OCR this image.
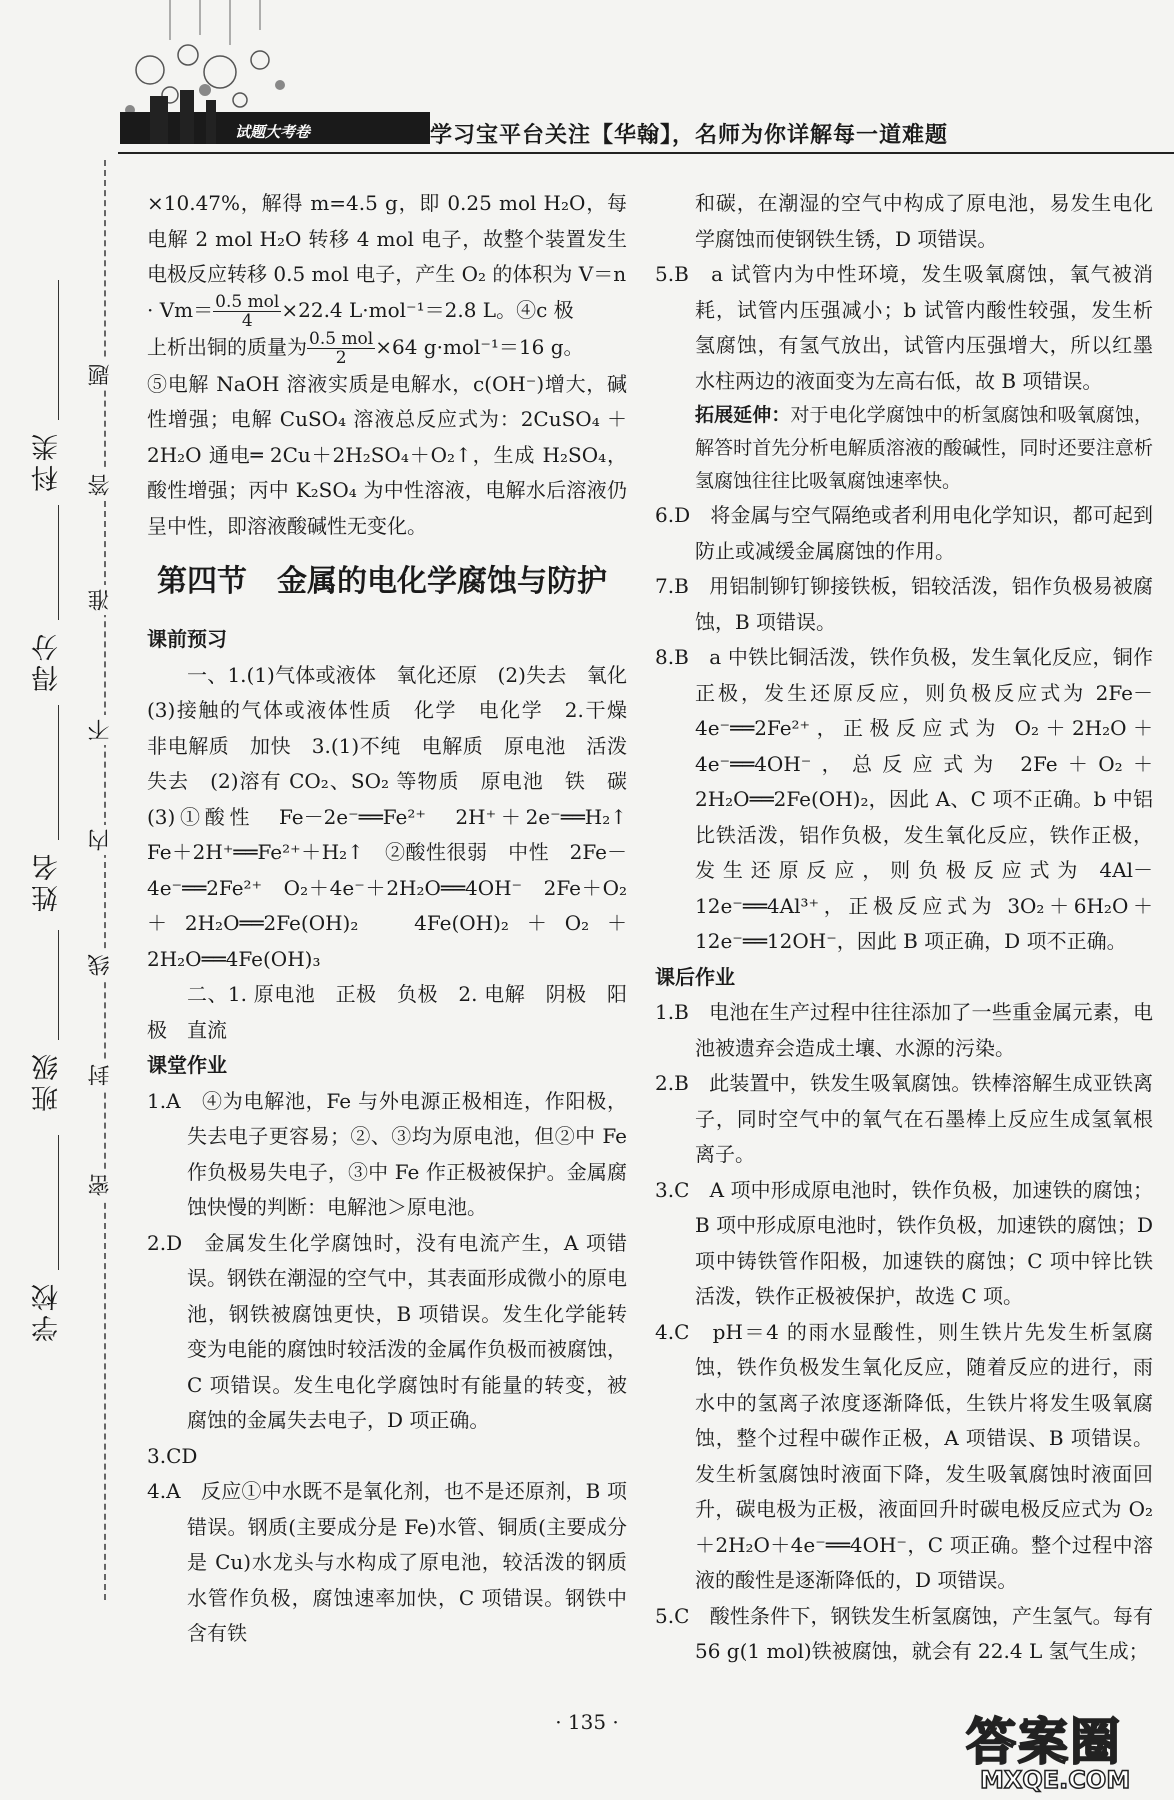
试题大考卷	学习宝平台关注【华翰】，名师为你详解每一道难题
科类
得分
姓名
班级
学校
题
答
准
不
内
线
封
密

×10.47%，解得 m=4.5 g，即 0.25 mol H₂O，每电解 2 mol H₂O 转移 4 mol 电子，故整个装置发生电极反应转移 0.5 mol 电子，产生 O₂ 的体积为 V＝n

· $Vm= \frac{\text{0.5 mol}}{4} \times 22.4$ L·mol⁻¹＝2.8 L。④c 极

上析出铜的质量为 $\frac{\text{0.5 mol}}{2} \times 64$ g·mol⁻¹＝16 g。

⑤电解 NaOH 溶液实质是电解水，c(OH⁻)增大，碱性增强；电解 CuSO₄ 溶液总反应式为：2CuSO₄ ＋2H₂O 通电═ 2Cu＋2H₂SO₄＋O₂↑，生成 H₂SO₄，酸性增强；丙中 K₂SO₄ 为中性溶液，电解水后溶液仍呈中性，即溶液酸碱性无变化。

第四节　金属的电化学腐蚀与防护
课前预习

一、1.(1)气体或液体　氧化还原　(2)失去　氧化　(3)接触的气体或液体性质　化学　电化学　2.干燥　非电解质　加快　3.(1)不纯　电解质　原电池　活泼　失去　(2)溶有 CO₂、SO₂ 等物质　原电池　铁　碳　(3)①酸性　Fe－2e⁻══Fe²⁺　2H⁺＋2e⁻══H₂↑　Fe＋2H⁺══Fe²⁺＋H₂↑　②酸性很弱　中性　2Fe－4e⁻══2Fe²⁺　O₂＋4e⁻＋2H₂O══4OH⁻　2Fe＋O₂＋2H₂O══2Fe(OH)₂　4Fe(OH)₂＋O₂＋2H₂O══4Fe(OH)₃

二、1. 原电池　正极　负极　2. 电解　阴极　阳极　直流

课堂作业

1.A　④为电解池，Fe 与外电源正极相连，作阳极，失去电子更容易；②、③均为原电池，但②中 Fe 作负极易失电子，③中 Fe 作正极被保护。金属腐蚀快慢的判断：电解池＞原电池。

2.D　金属发生化学腐蚀时，没有电流产生，A 项错误。钢铁在潮湿的空气中，其表面形成微小的原电池，钢铁被腐蚀更快，B 项错误。发生化学能转变为电能的腐蚀时较活泼的金属作负极而被腐蚀，C 项错误。发生电化学腐蚀时有能量的转变，被腐蚀的金属失去电子，D 项正确。

3.CD

4.A　反应①中水既不是氧化剂，也不是还原剂，B 项错误。钢质(主要成分是 Fe)水管、铜质(主要成分是 Cu)水龙头与水构成了原电池，较活泼的钢质水管作负极，腐蚀速率加快，C 项错误。钢铁中含有铁

和碳，在潮湿的空气中构成了原电池，易发生电化学腐蚀而使钢铁生锈，D 项错误。

5.B　a 试管内为中性环境，发生吸氧腐蚀，氧气被消耗，试管内压强减小；b 试管内酸性较强，发生析氢腐蚀，有氢气放出，试管内压强增大，所以红墨水柱两边的液面变为左高右低，故 B 项错误。

拓展延伸：对于电化学腐蚀中的析氢腐蚀和吸氧腐蚀，解答时首先分析电解质溶液的酸碱性，同时还要注意析氢腐蚀往往比吸氧腐蚀速率快。

6.D　将金属与空气隔绝或者利用电化学知识，都可起到防止或减缓金属腐蚀的作用。

7.B　用铝制铆钉铆接铁板，铝较活泼，铝作负极易被腐蚀，B 项错误。

8.B　a 中铁比铜活泼，铁作负极，发生氧化反应，铜作正极，发生还原反应，则负极反应式为 2Fe－4e⁻══2Fe²⁺，正极反应式为 O₂＋2H₂O＋4e⁻══4OH⁻，总反应式为 2Fe＋O₂＋2H₂O══2Fe(OH)₂，因此 A、C 项不正确。b 中铝比铁活泼，铝作负极，发生氧化反应，铁作正极，发生还原反应，则负极反应式为 4Al－12e⁻══4Al³⁺，正极反应式为 3O₂＋6H₂O＋12e⁻══12OH⁻，因此 B 项正确，D 项不正确。

课后作业

1.B　电池在生产过程中往往添加了一些重金属元素，电池被遗弃会造成土壤、水源的污染。

2.B　此装置中，铁发生吸氧腐蚀。铁棒溶解生成亚铁离子，同时空气中的氧气在石墨棒上反应生成氢氧根离子。

3.C　A 项中形成原电池时，铁作负极，加速铁的腐蚀；B 项中形成原电池时，铁作负极，加速铁的腐蚀；D 项中铸铁管作阳极，加速铁的腐蚀；C 项中锌比铁活泼，铁作正极被保护，故选 C 项。

4.C　pH＝4 的雨水显酸性，则生铁片先发生析氢腐蚀，铁作负极发生氧化反应，随着反应的进行，雨水中的氢离子浓度逐渐降低，生铁片将发生吸氧腐蚀，整个过程中碳作正极，A 项错误、B 项错误。发生析氢腐蚀时液面下降，发生吸氧腐蚀时液面回升，碳电极为正极，液面回升时碳电极反应式为 O₂＋2H₂O＋4e⁻══4OH⁻，C 项正确。整个过程中溶液的酸性是逐渐降低的，D 项错误。

5.C　酸性条件下，钢铁发生析氢腐蚀，产生氢气。每有 56 g(1 mol)铁被腐蚀，就会有 22.4 L 氢气生成；

· 135 ·	答案圈
MXQE.COM
